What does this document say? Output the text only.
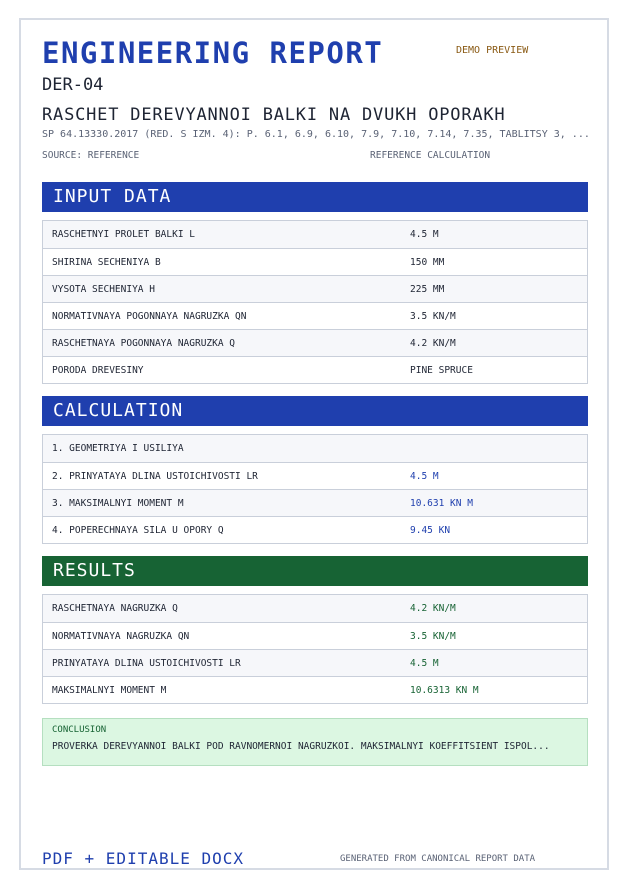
ENGINEERING REPORT	DEMO PREVIEW
DER-04
RASCHET DEREVYANNOI BALKI NA DVUKH OPORAKH
SP 64.13330.2017 (RED. S IZM. 4): P. 6.1, 6.9, 6.10, 7.9, 7.10, 7.14, 7.35, TABLITSY 3, ...
SOURCE: REFERENCE	REFERENCE CALCULATION
INPUT DATA
RASCHETNYI PROLET BALKI L	4.5 M
SHIRINA SECHENIYA B	150 MM
VYSOTA SECHENIYA H	225 MM
NORMATIVNAYA POGONNAYA NAGRUZKA QN	3.5 KN/M
RASCHETNAYA POGONNAYA NAGRUZKA Q	4.2 KN/M
PORODA DREVESINY	PINE SPRUCE
CALCULATION
1. GEOMETRIYA I USILIYA
2. PRINYATAYA DLINA USTOICHIVOSTI LR	4.5 M
3. MAKSIMALNYI MOMENT M	10.631 KN M
4. POPERECHNAYA SILA U OPORY Q	9.45 KN
RESULTS
RASCHETNAYA NAGRUZKA Q	4.2 KN/M
NORMATIVNAYA NAGRUZKA QN	3.5 KN/M
PRINYATAYA DLINA USTOICHIVOSTI LR	4.5 M
MAKSIMALNYI MOMENT M	10.6313 KN M
CONCLUSION
PROVERKA DEREVYANNOI BALKI POD RAVNOMERNOI NAGRUZKOI. MAKSIMALNYI KOEFFITSIENT ISPOL...
PDF + EDITABLE DOCX	GENERATED FROM CANONICAL REPORT DATA
